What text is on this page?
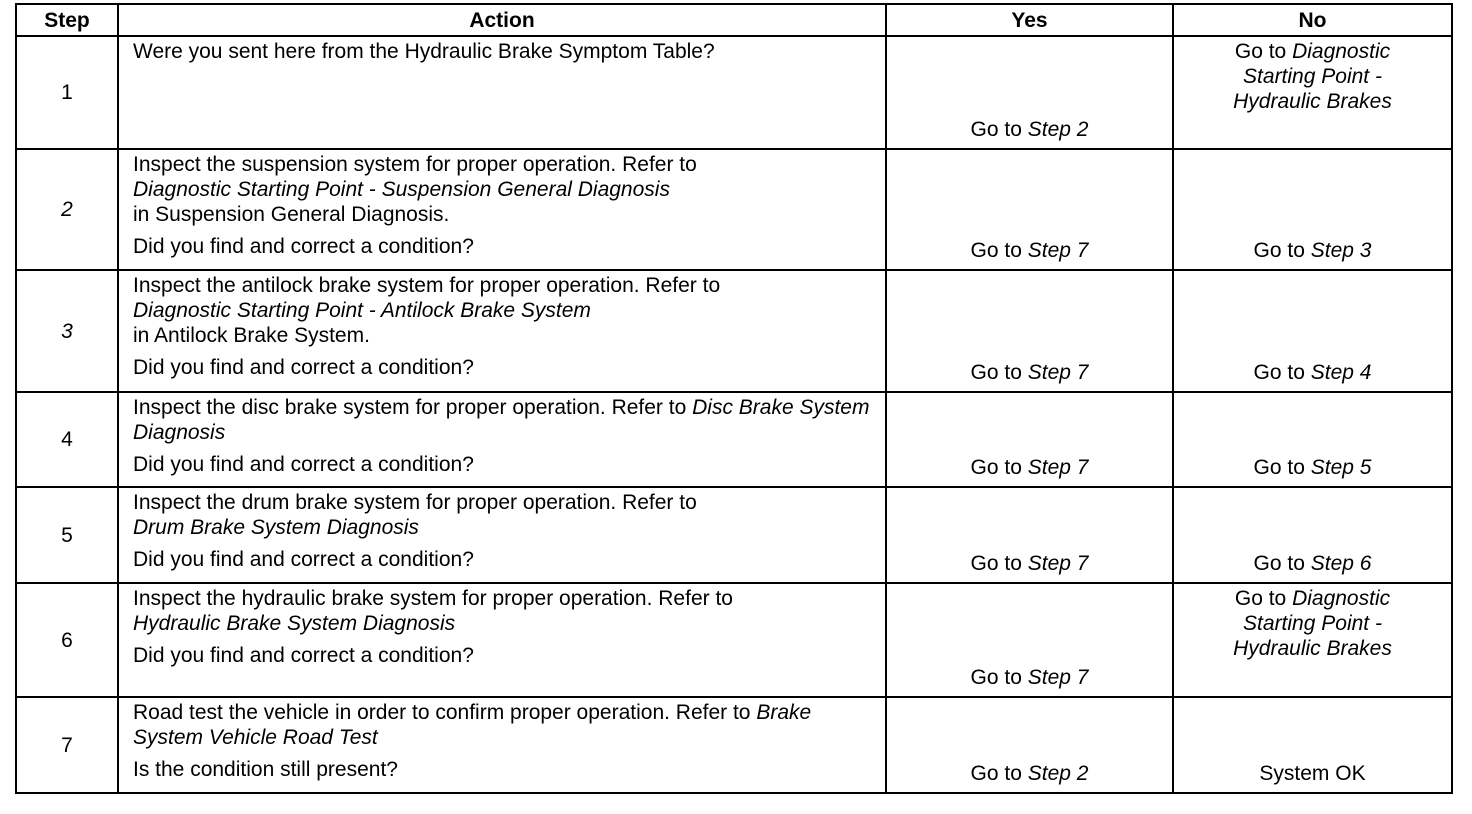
Step	Action	Yes	No
1	Were you sent here from the Hydraulic Brake Symptom Table?	Go to Step 2	Go to Diagnostic
Starting Point -
Hydraulic Brakes

2	Inspect the suspension system for proper operation. Refer to
Diagnostic Starting Point - Suspension General Diagnosis
in Suspension General Diagnosis.
Did you find and correct a condition?	Go to Step 7	Go to Step 3
3	Inspect the antilock brake system for proper operation. Refer to
Diagnostic Starting Point - Antilock Brake System
in Antilock Brake System.
Did you find and correct a condition?	Go to Step 7	Go to Step 4
4	Inspect the disc brake system for proper operation. Refer to Disc Brake System Diagnosis
Did you find and correct a condition?	Go to Step 7	Go to Step 5
5	Inspect the drum brake system for proper operation. Refer to
Drum Brake System Diagnosis
Did you find and correct a condition?	Go to Step 7	Go to Step 6
6	Inspect the hydraulic brake system for proper operation. Refer to
Hydraulic Brake System Diagnosis
Did you find and correct a condition?	Go to Step 7	Go to Diagnostic
Starting Point -
Hydraulic Brakes

7	Road test the vehicle in order to confirm proper operation. Refer to Brake System Vehicle Road Test
Is the condition still present?	Go to Step 2	System OK
